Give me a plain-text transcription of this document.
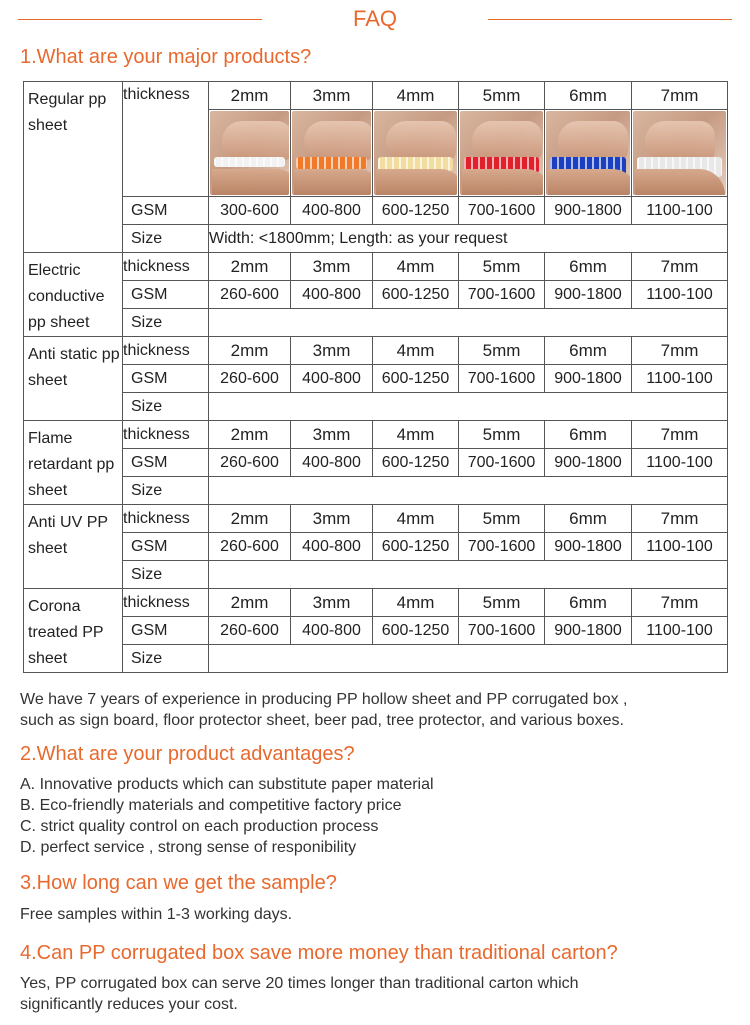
FAQ
1.What are your major products?
Regular pp sheet	thickness	2mm	3mm	4mm	5mm	6mm	7mm

	GSM	300-600	400-800	600-1250	700-1600	900-1800	1100-100
	Size	Width: <1800mm; Length: as your request					
Electric conductive pp sheet	thickness	2mm	3mm	4mm	5mm	6mm	7mm
	GSM	260-600	400-800	600-1250	700-1600	900-1800	1100-100
	Size						
Anti static pp sheet	thickness	2mm	3mm	4mm	5mm	6mm	7mm
	GSM	260-600	400-800	600-1250	700-1600	900-1800	1100-100
	Size						
Flame retardant pp sheet	thickness	2mm	3mm	4mm	5mm	6mm	7mm
	GSM	260-600	400-800	600-1250	700-1600	900-1800	1100-100
	Size						
Anti UV PP sheet	thickness	2mm	3mm	4mm	5mm	6mm	7mm
	GSM	260-600	400-800	600-1250	700-1600	900-1800	1100-100
	Size						
Corona treated PP sheet	thickness	2mm	3mm	4mm	5mm	6mm	7mm
	GSM	260-600	400-800	600-1250	700-1600	900-1800	1100-100
	Size						
We have 7 years of experience in producing PP hollow sheet and PP corrugated box ,
such as sign board, floor protector sheet, beer pad, tree protector, and various boxes.
2.What are your product advantages?
A. Innovative products which can substitute paper material
B. Eco-friendly materials and competitive factory price
C. strict quality control on each production process
D. perfect service , strong sense of responibility
3.How long can we get the sample?
Free samples within 1-3 working days.
4.Can PP corrugated box save more money than traditional carton?
Yes, PP corrugated box can serve 20 times longer than traditional carton which
significantly reduces your cost.
